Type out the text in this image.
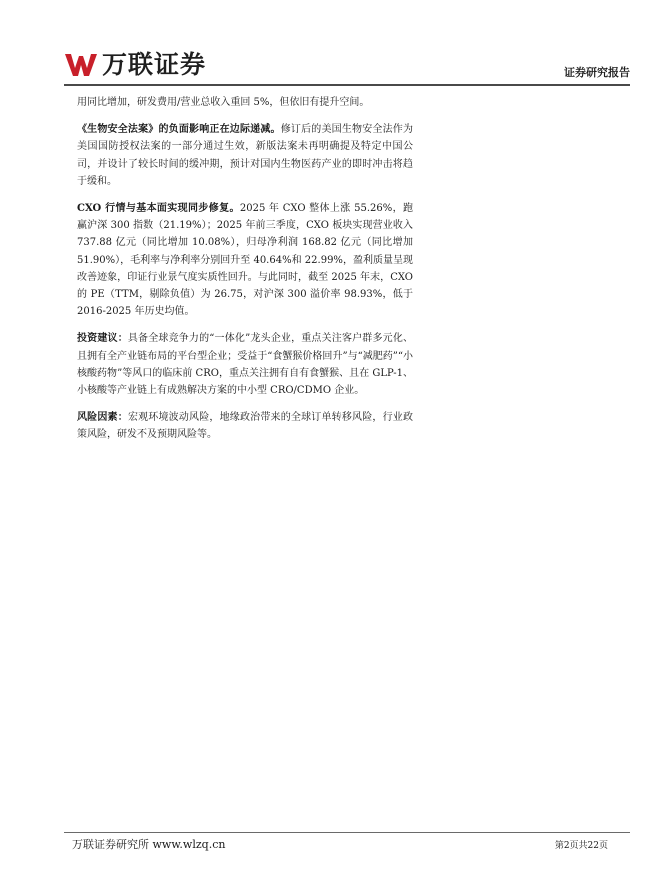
万联证券	证券研究报告

用同比增加，研发费用/营业总收入重回 5%，但依旧有提升空间。

《生物安全法案》的负面影响正在边际递减。修订后的美国生物安全法作为美国国防授权法案的一部分通过生效，新版法案未再明确提及特定中国公司，并设计了较长时间的缓冲期，预计对国内生物医药产业的即时冲击将趋于缓和。

CXO 行情与基本面实现同步修复。2025 年 CXO 整体上涨 55.26%，跑赢沪深 300 指数（21.19%）；2025 年前三季度，CXO 板块实现营业收入 737.88 亿元（同比增加 10.08%），归母净利润 168.82 亿元（同比增加 51.90%），毛利率与净利率分别回升至 40.64%和 22.99%，盈利质量呈现改善迹象，印证行业景气度实质性回升。与此同时，截至 2025 年末，CXO 的 PE（TTM，剔除负值）为 26.75，对沪深 300 溢价率 98.93%，低于 2016-2025 年历史均值。

投资建议：具备全球竞争力的“一体化”龙头企业，重点关注客户群多元化、且拥有全产业链布局的平台型企业；受益于“食蟹猴价格回升”与“减肥药”“小核酸药物”等风口的临床前 CRO，重点关注拥有自有食蟹猴、且在 GLP-1、小核酸等产业链上有成熟解决方案的中小型 CRO/CDMO 企业。

风险因素：宏观环境波动风险，地缘政治带来的全球订单转移风险，行业政策风险，研发不及预期风险等。

万联证券研究所 www.wlzq.cn	第2页共22页
